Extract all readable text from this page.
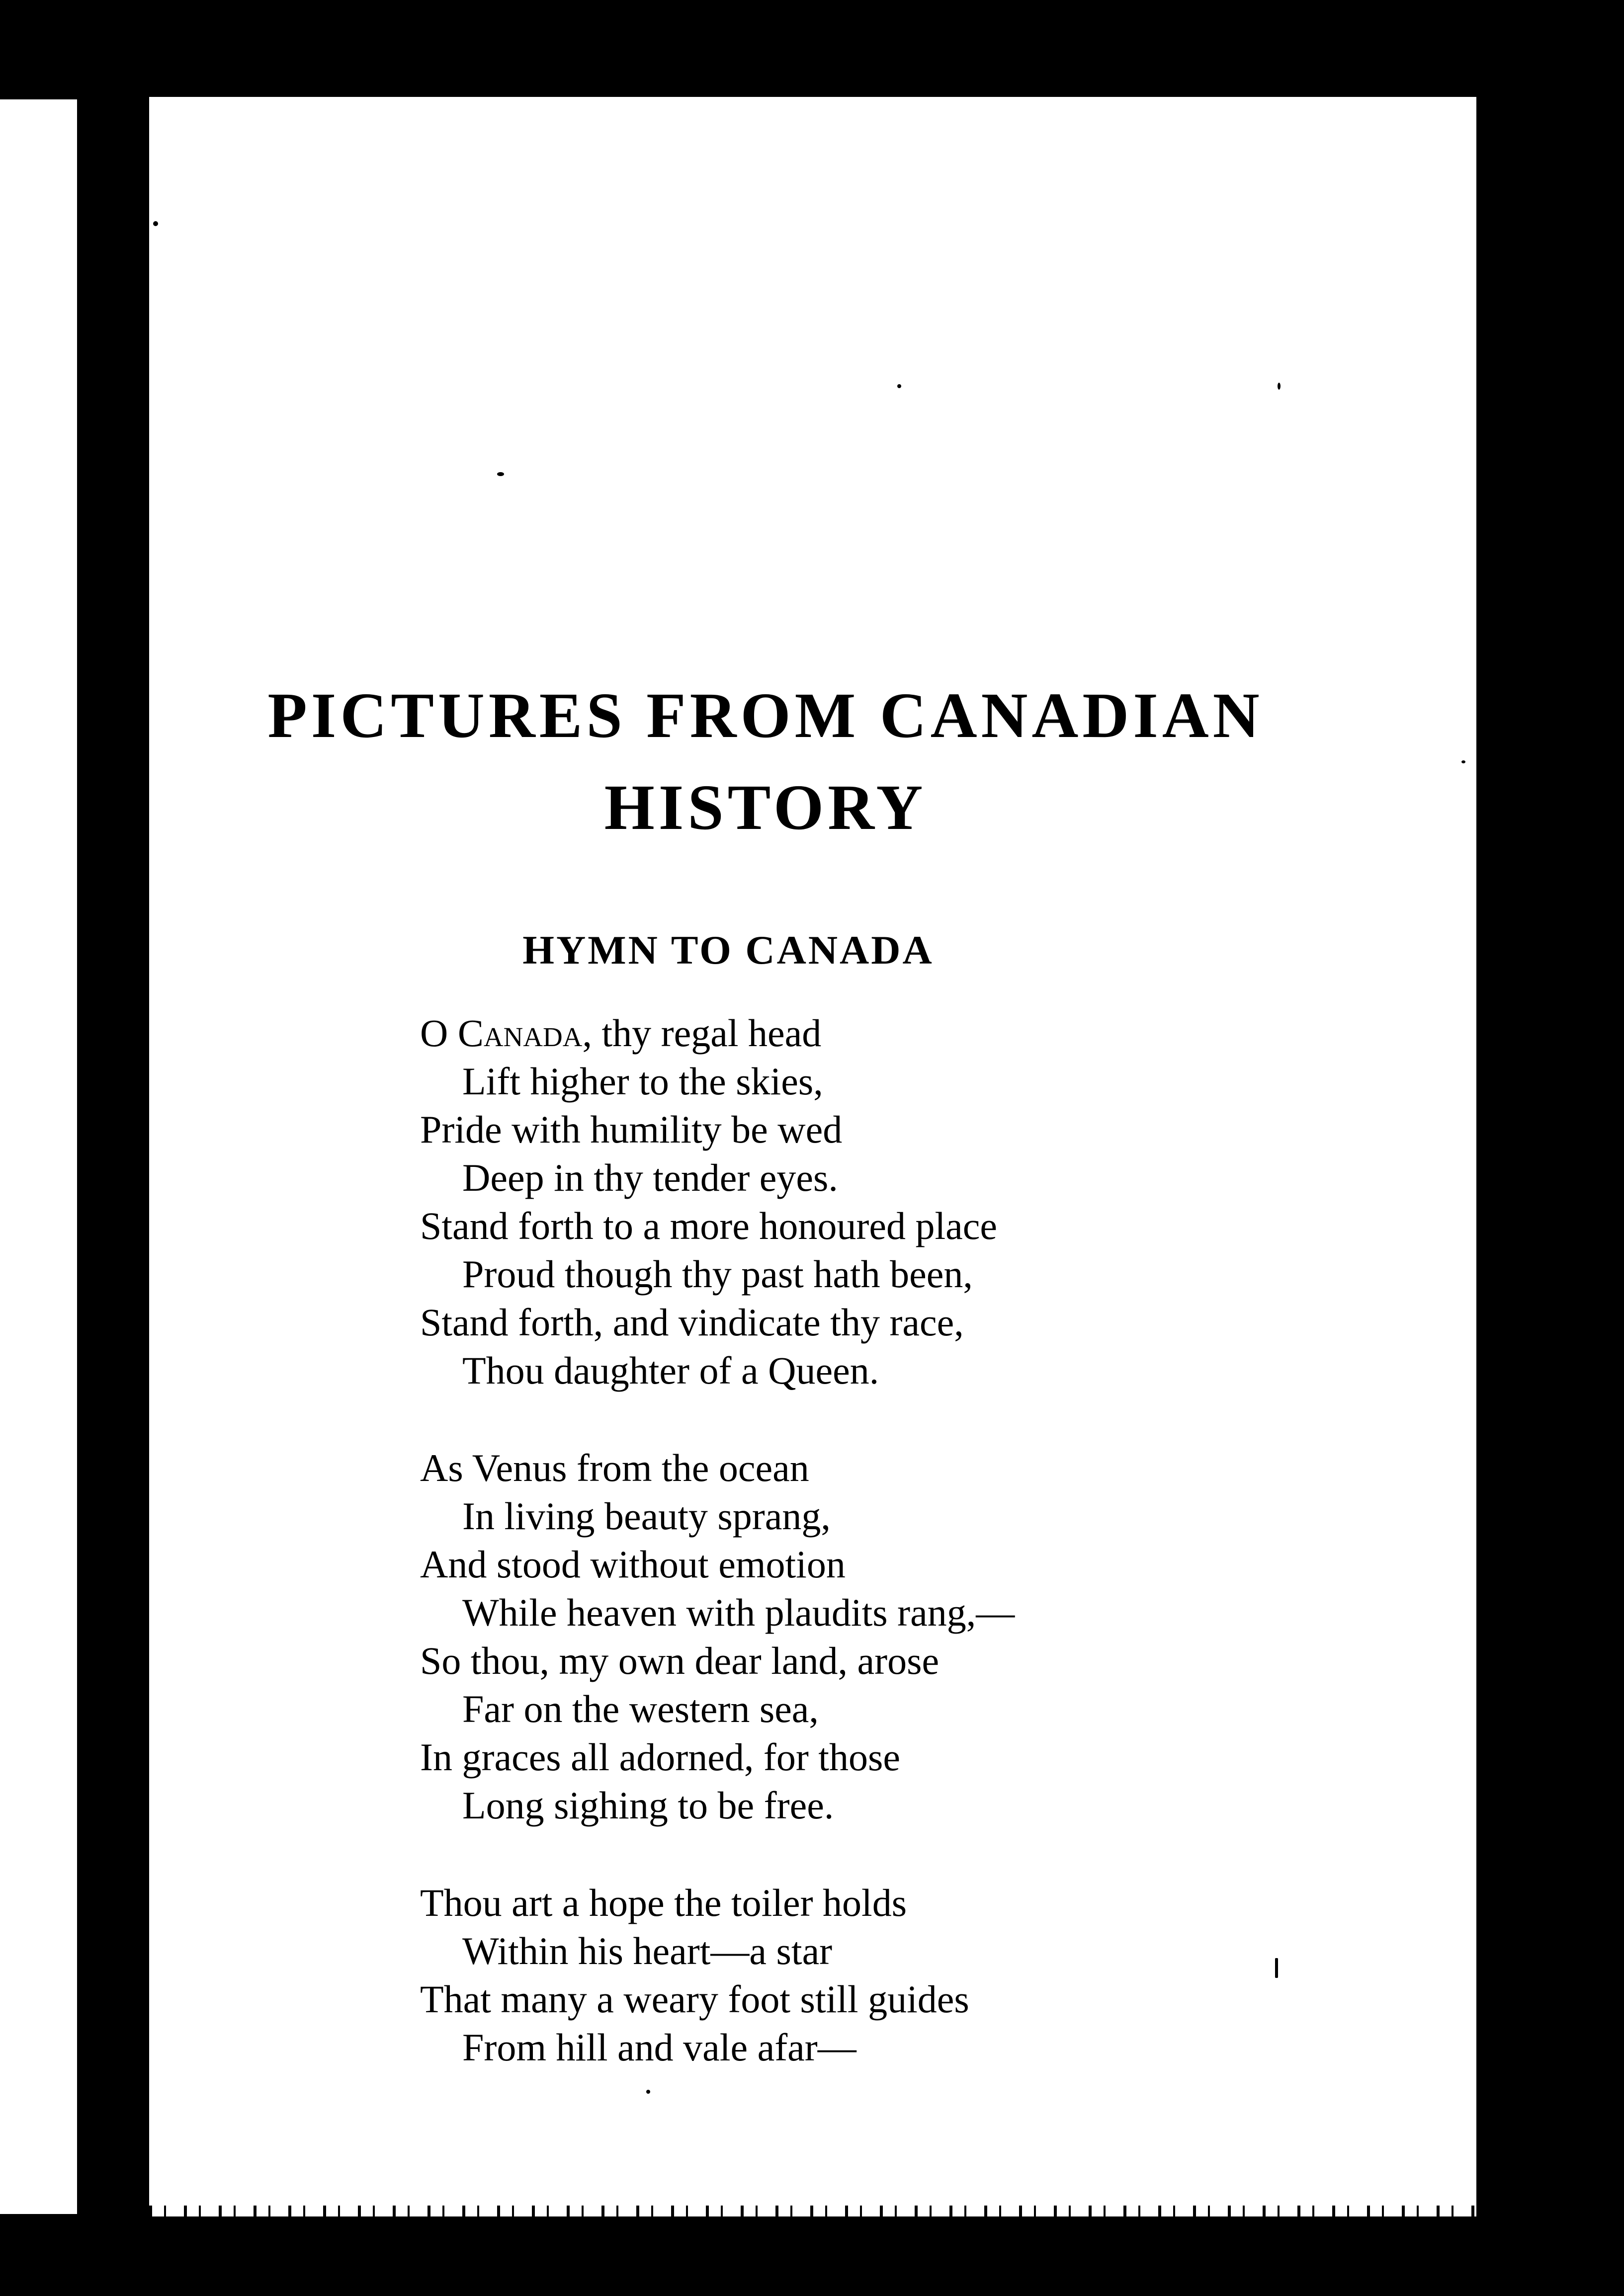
PICTURES FROM CANADIAN
HISTORY
HYMN TO CANADA
O Canada, thy regal head
Lift higher to the skies,
Pride with humility be wed
Deep in thy tender eyes.
Stand forth to a more honoured place
Proud though thy past hath been,
Stand forth, and vindicate thy race,
Thou daughter of a Queen.
As Venus from the ocean
In living beauty sprang,
And stood without emotion
While heaven with plaudits rang,—
So thou, my own dear land, arose
Far on the western sea,
In graces all adorned, for those
Long sighing to be free.
Thou art a hope the toiler holds
Within his heart—a star
That many a weary foot still guides
From hill and vale afar—
